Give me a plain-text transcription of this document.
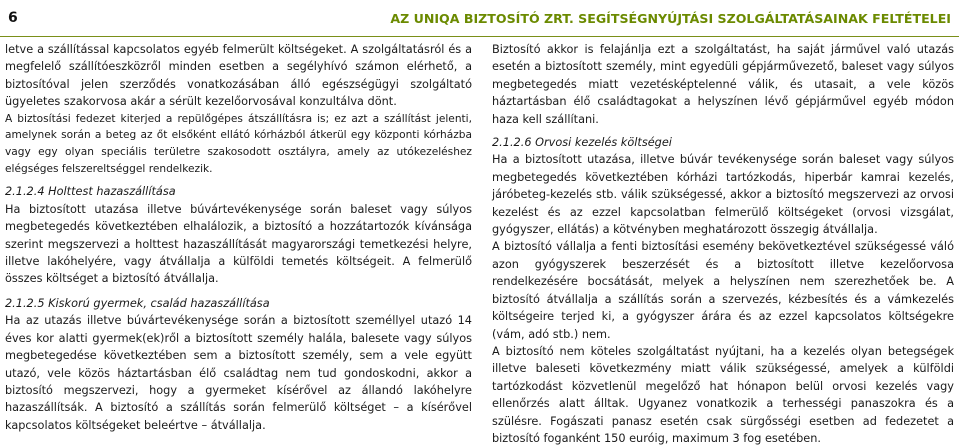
6	AZ UNIQA BIZTOSÍTÓ ZRT. SEGÍTSÉGNYÚJTÁSI SZOLGÁLTATÁSAINAK FELTÉTELEI

letve a szállítással kapcsolatos egyéb felmerült költségeket. A szolgáltatásról és a megfelelő szállítóeszközről minden esetben a segélyhívó számon elérhető, a biztosítóval jelen szerződés vonatkozásában álló egészségügyi szolgáltató ügyeletes szakorvosa akár a sérült kezelőorvosával konzultálva dönt.

A biztosítási fedezet kiterjed a repülőgépes átszállításra is; ez azt a szállítást jelenti, amelynek során a beteg az őt elsőként ellátó kórházból átkerül egy központi kórházba vagy egy olyan speciális területre szakosodott osztályra, amely az utókezeléshez elégséges felszereltséggel rendelkezik.

2.1.2.4 Holttest hazaszállítása

Ha biztosított utazása illetve búvártevékenysége során baleset vagy súlyos megbetegedés következtében elhalálozik, a biztosító a hozzátartozók kívánsága szerint megszervezi a holttest hazaszállítását magyarországi temetkezési helyre, illetve lakóhelyére, vagy átvállalja a külföldi temetés költségeit. A felmerülő összes költséget a biztosító átvállalja.

2.1.2.5 Kiskorú gyermek, család hazaszállítása

Ha az utazás illetve búvártevékenysége során a biztosított személlyel utazó 14 éves kor alatti gyermek(ek)ről a biztosított személy halála, balesete vagy súlyos megbetegedése következtében sem a biztosított személy, sem a vele együtt utazó, vele közös háztartásban élő családtag nem tud gondoskodni, akkor a biztosító megszervezi, hogy a gyermeket kísérővel az állandó lakóhelyre hazaszállítsák. A biztosító a szállítás során felmerülő költséget – a kísérővel kapcsolatos költségeket beleértve – átvállalja.

Biztosító akkor is felajánlja ezt a szolgáltatást, ha saját járművel való utazás esetén a biztosított személy, mint egyedüli gépjárművezető, baleset vagy súlyos megbetegedés miatt vezetésképtelenné válik, és utasait, a vele közös háztartásban élő családtagokat a helyszínen lévő gépjárművel egyéb módon haza kell szállítani.

2.1.2.6 Orvosi kezelés költségei

Ha a biztosított utazása, illetve búvár tevékenysége során baleset vagy súlyos megbetegedés következtében kórházi tartózkodás, hiperbár kamrai kezelés, járóbeteg-kezelés stb. válik szükségessé, akkor a biztosító megszervezi az orvosi kezelést és az ezzel kapcsolatban felmerülő költségeket (orvosi vizsgálat, gyógyszer, ellátás) a kötvényben meghatározott összegig átvállalja.

A biztosító vállalja a fenti biztosítási esemény bekövetkeztével szükségessé váló azon gyógyszerek beszerzését és a biztosított illetve kezelőorvosa rendelkezésére bocsátását, melyek a helyszínen nem szerezhetőek be. A biztosító átvállalja a szállítás során a szervezés, kézbesítés és a vámkezelés költségeire terjed ki, a gyógyszer árára és az ezzel kapcsolatos költségekre (vám, adó stb.) nem.

A biztosító nem köteles szolgáltatást nyújtani, ha a kezelés olyan betegségek illetve baleseti következmény miatt válik szükségessé, amelyek a külföldi tartózkodást közvetlenül megelőző hat hónapon belül orvosi kezelés vagy ellenőrzés alatt álltak. Ugyanez vonatkozik a terhességi panaszokra és a szülésre. Fogászati panasz esetén csak sürgősségi esetben ad fedezetet a biztosító foganként 150 euróig, maximum 3 fog esetében.
